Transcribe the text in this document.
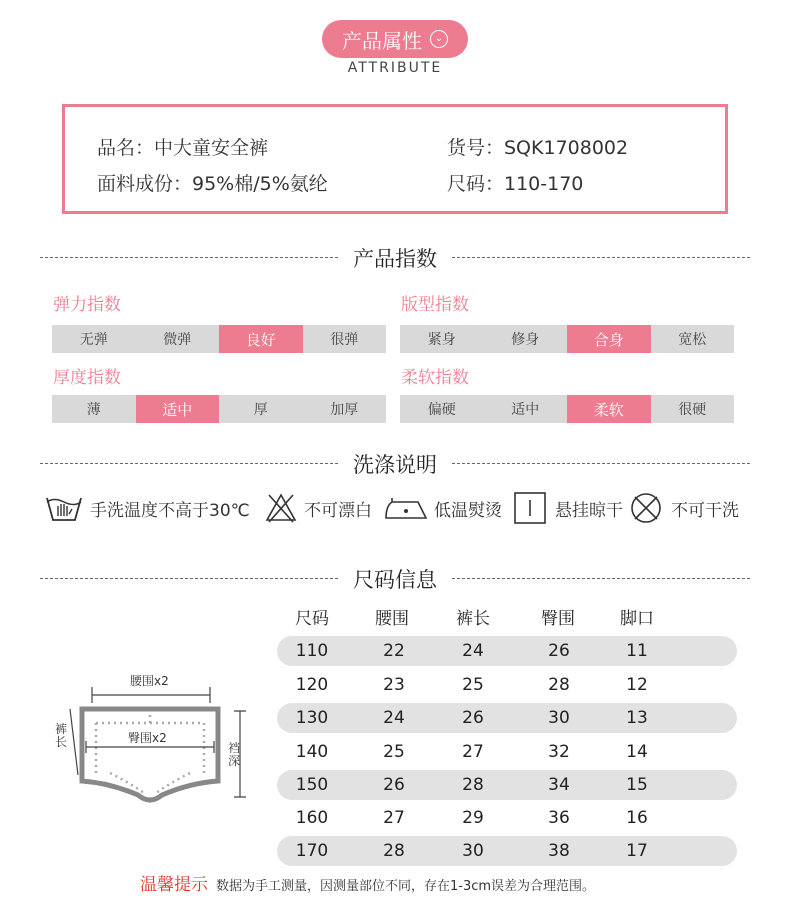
产品属性	⌄
ATTRIBUTE
品名：中大童安全裤	货号：SQK1708002
面料成份：95%棉/5%氨纶	尺码：110-170
产品指数
弹力指数
无弹	微弹	良好	很弹
版型指数
紧身	修身	合身	宽松
厚度指数
薄	适中	厚	加厚
柔软指数
偏硬	适中	柔软	很硬
洗涤说明
手洗温度不高于30℃	不可漂白	低温熨烫	悬挂晾干	不可干洗
尺码信息
腰围x2
臀围x2
裤长	裆深
尺码	腰围	裤长	臀围	脚口
110	22	24	26	11
120	23	25	28	12
130	24	26	30	13
140	25	27	32	14
150	26	28	34	15
160	27	29	36	16
170	28	30	38	17
温馨提示 数据为手工测量，因测量部位不同，存在1-3cm误差为合理范围。
